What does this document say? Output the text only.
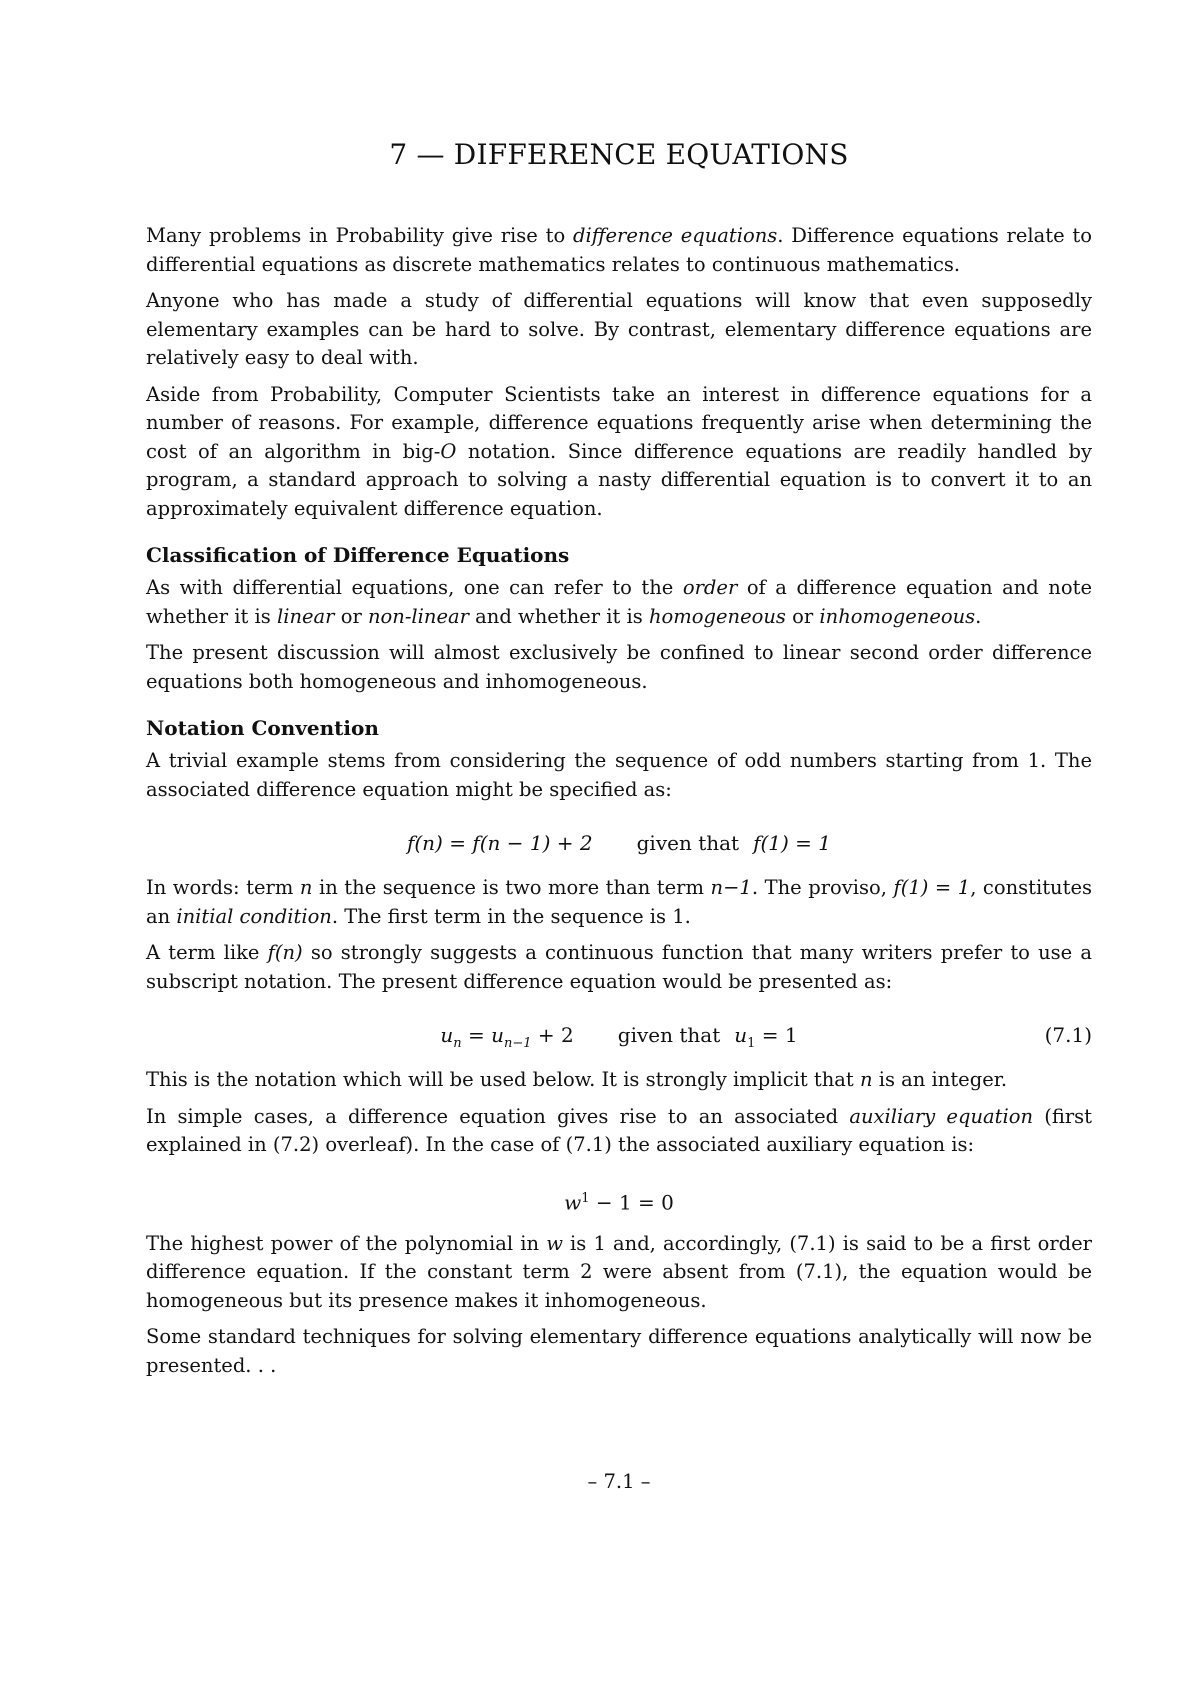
7 — DIFFERENCE EQUATIONS

Many problems in Probability give rise to difference equations. Difference equations relate to differential equations as discrete mathematics relates to continuous mathematics.

Anyone who has made a study of differential equations will know that even supposedly elementary examples can be hard to solve. By contrast, elementary difference equations are relatively easy to deal with.

Aside from Probability, Computer Scientists take an interest in difference equations for a number of reasons. For example, difference equations frequently arise when determining the cost of an algorithm in big-O notation. Since difference equations are readily handled by program, a standard approach to solving a nasty differential equation is to convert it to an approximately equivalent difference equation.

Classification of Difference Equations

As with differential equations, one can refer to the order of a difference equation and note whether it is linear or non-linear and whether it is homogeneous or inhomogeneous.

The present discussion will almost exclusively be confined to linear second order difference equations both homogeneous and inhomogeneous.

Notation Convention

A trivial example stems from considering the sequence of odd numbers starting from 1. The associated difference equation might be specified as:

f(n) = f(n − 1) + 2 given that f(1) = 1

In words: term n in the sequence is two more than term n−1. The proviso, f(1) = 1, constitutes an initial condition. The first term in the sequence is 1.

A term like f(n) so strongly suggests a continuous function that many writers prefer to use a subscript notation. The present difference equation would be presented as:

$u_n = u_{n-1} + 2$ given that $u_1 = 1$	(7.1)

This is the notation which will be used below. It is strongly implicit that n is an integer.

In simple cases, a difference equation gives rise to an associated auxiliary equation (first explained in (7.2) overleaf). In the case of (7.1) the associated auxiliary equation is:

$w^1 - 1 = 0$

The highest power of the polynomial in w is 1 and, accordingly, (7.1) is said to be a first order difference equation. If the constant term 2 were absent from (7.1), the equation would be homogeneous but its presence makes it inhomogeneous.

Some standard techniques for solving elementary difference equations analytically will now be presented. . .

– 7.1 –
